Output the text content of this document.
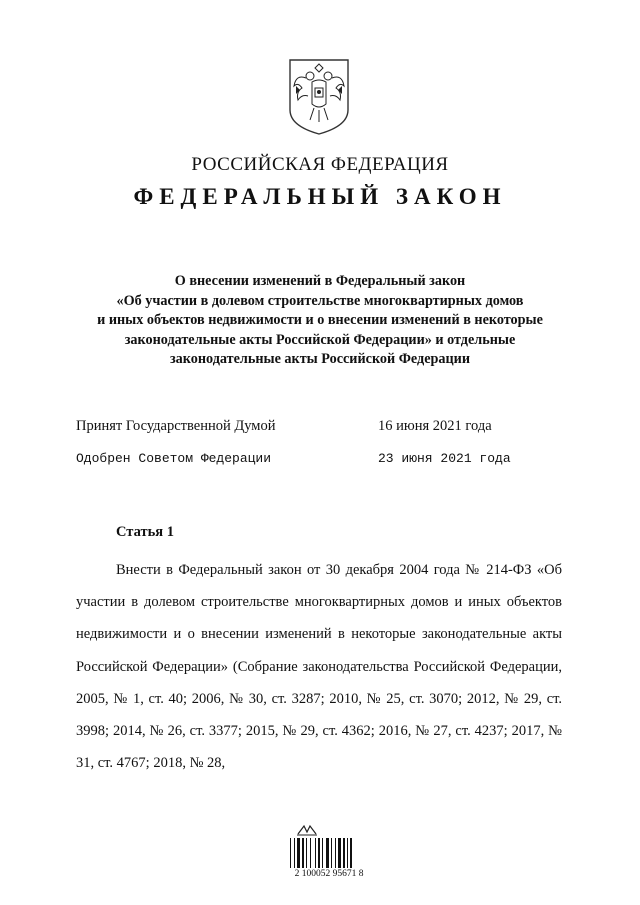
РОССИЙСКАЯ ФЕДЕРАЦИЯ
ФЕДЕРАЛЬНЫЙ ЗАКОН
О внесении изменений в Федеральный закон
«Об участии в долевом строительстве многоквартирных домов
и иных объектов недвижимости и о внесении изменений в некоторые
законодательные акты Российской Федерации» и отдельные
законодательные акты Российской Федерации
Принят Государственной Думой	16 июня 2021 года
Одобрен Советом Федерации	23 июня 2021 года
Статья 1

Внести в Федеральный закон от 30 декабря 2004 года № 214-ФЗ «Об участии в долевом строительстве многоквартирных домов и иных объектов недвижимости и о внесении изменений в некоторые законодательные акты Российской Федерации» (Собрание законодательства Российской Федерации, 2005, № 1, ст. 40; 2006, № 30, ст. 3287; 2010, № 25, ст. 3070; 2012, № 29, ст. 3998; 2014, № 26, ст. 3377; 2015, № 29, ст. 4362; 2016, № 27, ст. 4237; 2017, № 31, ст. 4767; 2018, № 28,

2 100052 95671 8
